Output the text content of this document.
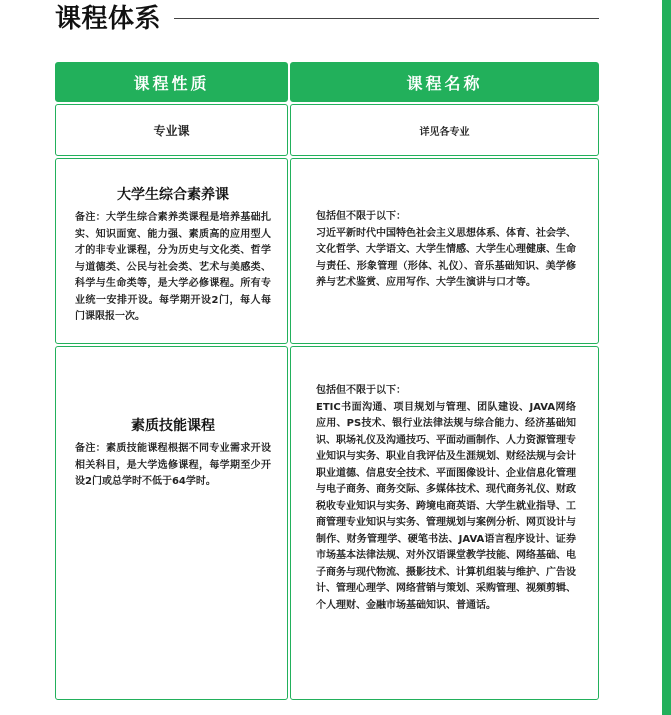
课程体系
课程性质	课程名称
专业课	详见各专业

大学生综合素养课

备注：大学生综合素养类课程是培养基础扎实、知识面宽、能力强、素质高的应用型人才的非专业课程，分为历史与文化类、哲学与道德类、公民与社会类、艺术与美感类、科学与生命类等，是大学必修课程。所有专业统一安排开设。每学期开设2门，每人每门课限报一次。

包括但不限于以下：

习近平新时代中国特色社会主义思想体系、体育、社会学、文化哲学、大学语文、大学生情感、大学生心理健康、生命与责任、形象管理（形体、礼仪）、音乐基础知识、美学修养与艺术鉴赏、应用写作、大学生演讲与口才等。

素质技能课程

备注：素质技能课程根据不同专业需求开设相关科目，是大学选修课程，每学期至少开设2门或总学时不低于64学时。

包括但不限于以下：

ETIC书面沟通、项目规划与管理、团队建设、JAVA网络应用、PS技术、银行业法律法规与综合能力、经济基础知识、职场礼仪及沟通技巧、平面动画制作、人力资源管理专业知识与实务、职业自我评估及生涯规划、财经法规与会计职业道德、信息安全技术、平面图像设计、企业信息化管理与电子商务、商务交际、多媒体技术、现代商务礼仪、财政税收专业知识与实务、跨境电商英语、大学生就业指导、工商管理专业知识与实务、管理规划与案例分析、网页设计与制作、财务管理学、硬笔书法、JAVA语言程序设计、证券市场基本法律法规、对外汉语课堂教学技能、网络基础、电子商务与现代物流、摄影技术、计算机组装与维护、广告设计、管理心理学、网络营销与策划、采购管理、视频剪辑、个人理财、金融市场基础知识、普通话。
